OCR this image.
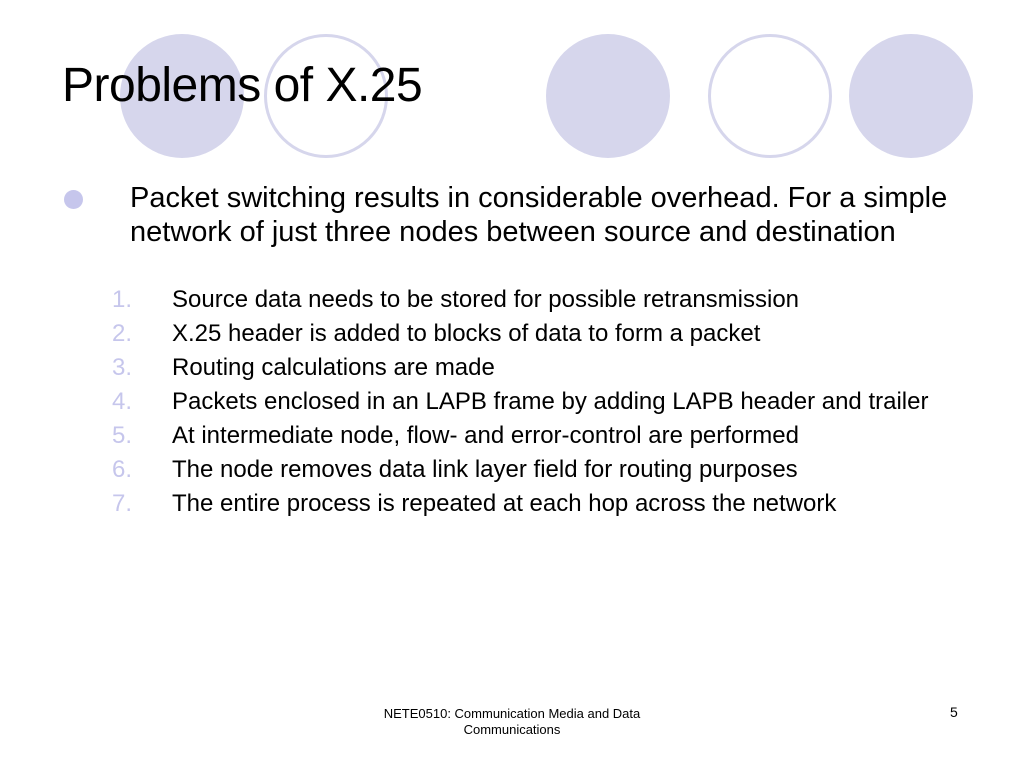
Problems of X.25

Packet switching results in considerable overhead. For a simple network of just three nodes between source and destination

1. Source data needs to be stored for possible retransmission
2. X.25 header is added to blocks of data to form a packet
3. Routing calculations are made
4. Packets enclosed in an LAPB frame by adding LAPB header and trailer
5. At intermediate node, flow- and error-control are performed
6. The node removes data link layer field for routing purposes
7. The entire process is repeated at each hop across the network
NETE0510: Communication Media and Data Communications
5
